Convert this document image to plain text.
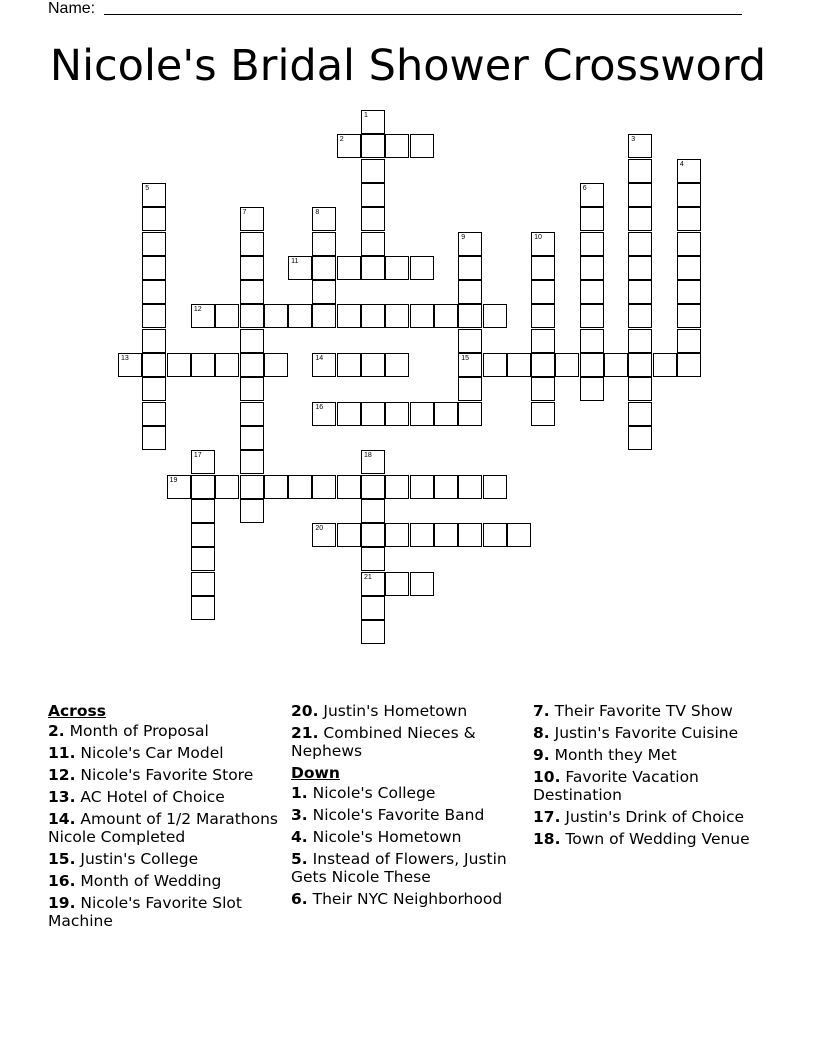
Name:
Nicole's Bridal Shower Crossword
2
11
12
13	14	15
16
19
20
21
1
3
4
5	6
7	8
9	10
17	18
Across
2. Month of Proposal
11. Nicole's Car Model
12. Nicole's Favorite Store
13. AC Hotel of Choice
14. Amount of 1/2 Marathons Nicole Completed
15. Justin's College
16. Month of Wedding
19. Nicole's Favorite Slot Machine
20. Justin's Hometown
21. Combined Nieces & Nephews
Down
1. Nicole's College
3. Nicole's Favorite Band
4. Nicole's Hometown
5. Instead of Flowers, Justin Gets Nicole These
6. Their NYC Neighborhood
7. Their Favorite TV Show
8. Justin's Favorite Cuisine
9. Month they Met
10. Favorite Vacation Destination
17. Justin's Drink of Choice
18. Town of Wedding Venue
